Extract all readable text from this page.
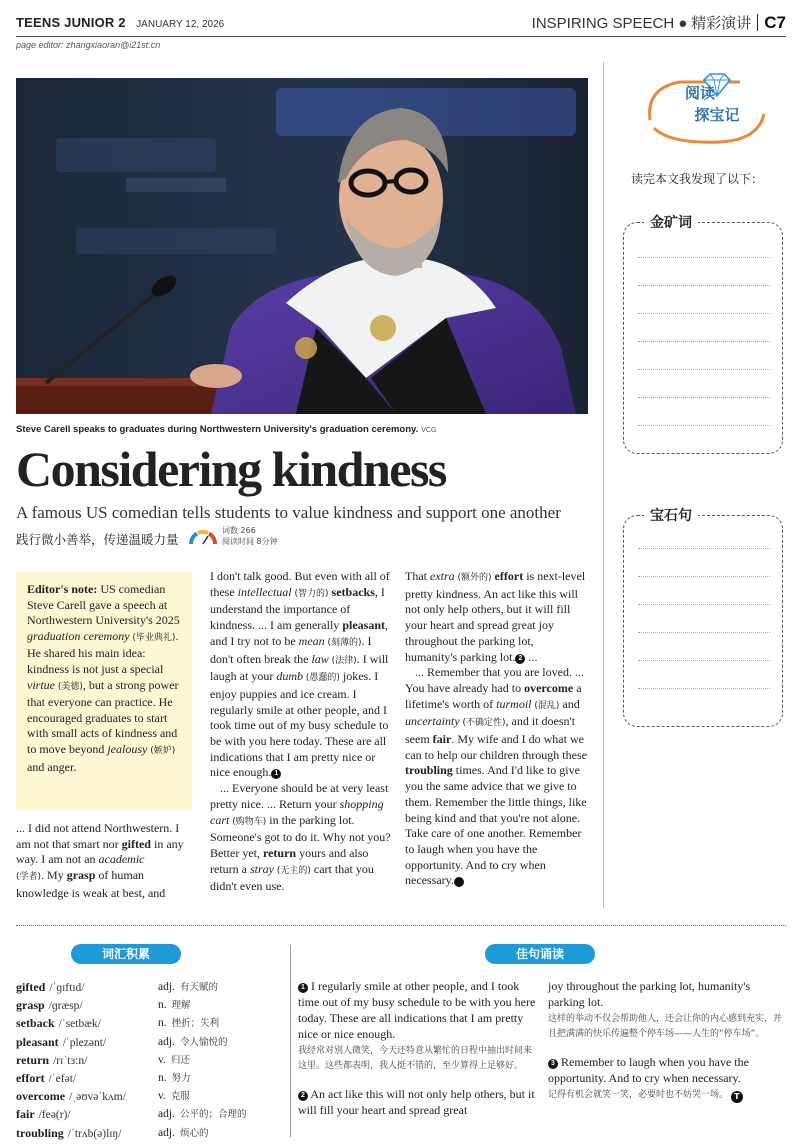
TEENS JUNIOR 2 JANUARY 12, 2026	INSPIRING SPEECH ● 精彩演讲 C7
page editor: zhangxiaoran@i21st.cn
Steve Carell speaks to graduates during Northwestern University's graduation ceremony. VCG
Considering kindness
A famous US comedian tells students to value kindness and support one another
践行微小善举，传递温暖力量
词数 266
阅读时间 8分钟
Editor's note: US comedian Steve Carell gave a speech at Northwestern University's 2025 graduation ceremony (毕业典礼). He shared his main idea: kindness is not just a special virtue (美德), but a strong power that everyone can practice. He encouraged graduates to start with small acts of kindness and to move beyond jealousy (嫉妒) and anger.
... I did not attend Northwestern. I am not that smart nor gifted in any way. I am not an academic
(学者). My grasp of human knowledge is weak at best, and

I don't talk good. But even with all of these intellectual (智力的) setbacks, I understand the importance of kindness. ... I am generally pleasant, and I try not to be mean (刻薄的). I don't often break the law (法律). I will laugh at your dumb (愚蠢的) jokes. I enjoy puppies and ice cream. I regularly smile at other people, and I took time out of my busy schedule to be with you here today. These are all indications that I am pretty nice or nice enough. 1

... Everyone should be at very least pretty nice. ... Return your shopping cart (购物车) in the parking lot. Someone's got to do it. Why not you? Better yet, return yours and also return a stray (无主的) cart that you didn't even use.

That extra (额外的) effort is next-level pretty kindness. An act like this will not only help others, but it will fill your heart and spread great joy throughout the parking lot, humanity's parking lot. 2 ...

... Remember that you are loved. ... You have already had to overcome a lifetime's worth of turmoil (混乱) and uncertainty (不确定性), and it doesn't seem fair. My wife and I do what we can to help our children through these troubling times. And I'd like to give you the same advice that we give to them. Remember the little things, like being kind and that you're not alone. Take care of one another. Remember to laugh when you have the opportunity. And to cry when necessary. 3

阅读
探宝记
读完本文我发现了以下：
金矿词
宝石句
词汇积累	佳句诵读
gifted /ˈɡɪftɪd/	adj. 有天赋的
grasp /ɡræsp/	n. 理解
setback /ˈsetbæk/	n. 挫折；失利
pleasant /ˈplezənt/	adj. 令人愉悦的
return /rɪˈtɜːn/	v. 归还
effort /ˈefət/	n. 努力
overcome /ˌəʊvəˈkʌm/	v. 克服
fair /feə(r)/	adj. 公平的；合理的
troubling /ˈtrʌb(ə)lɪŋ/	adj. 烦心的
1 I regularly smile at other people, and I took time out of my busy schedule to be with you here today. These are all indications that I am pretty nice or nice enough.
我经常对别人微笑，今天还特意从繁忙的日程中抽出时间来这里。这些都表明，我人挺不错的，至少算得上足够好。
2 An act like this will not only help others, but it will fill your heart and spread great
joy throughout the parking lot, humanity's parking lot.
这样的举动不仅会帮助他人，还会让你的内心感到充实，并且把满满的快乐传遍整个停车场——人生的“停车场”。
3 Remember to laugh when you have the opportunity. And to cry when necessary.
记得有机会就笑一笑，必要时也不妨哭一场。 T
